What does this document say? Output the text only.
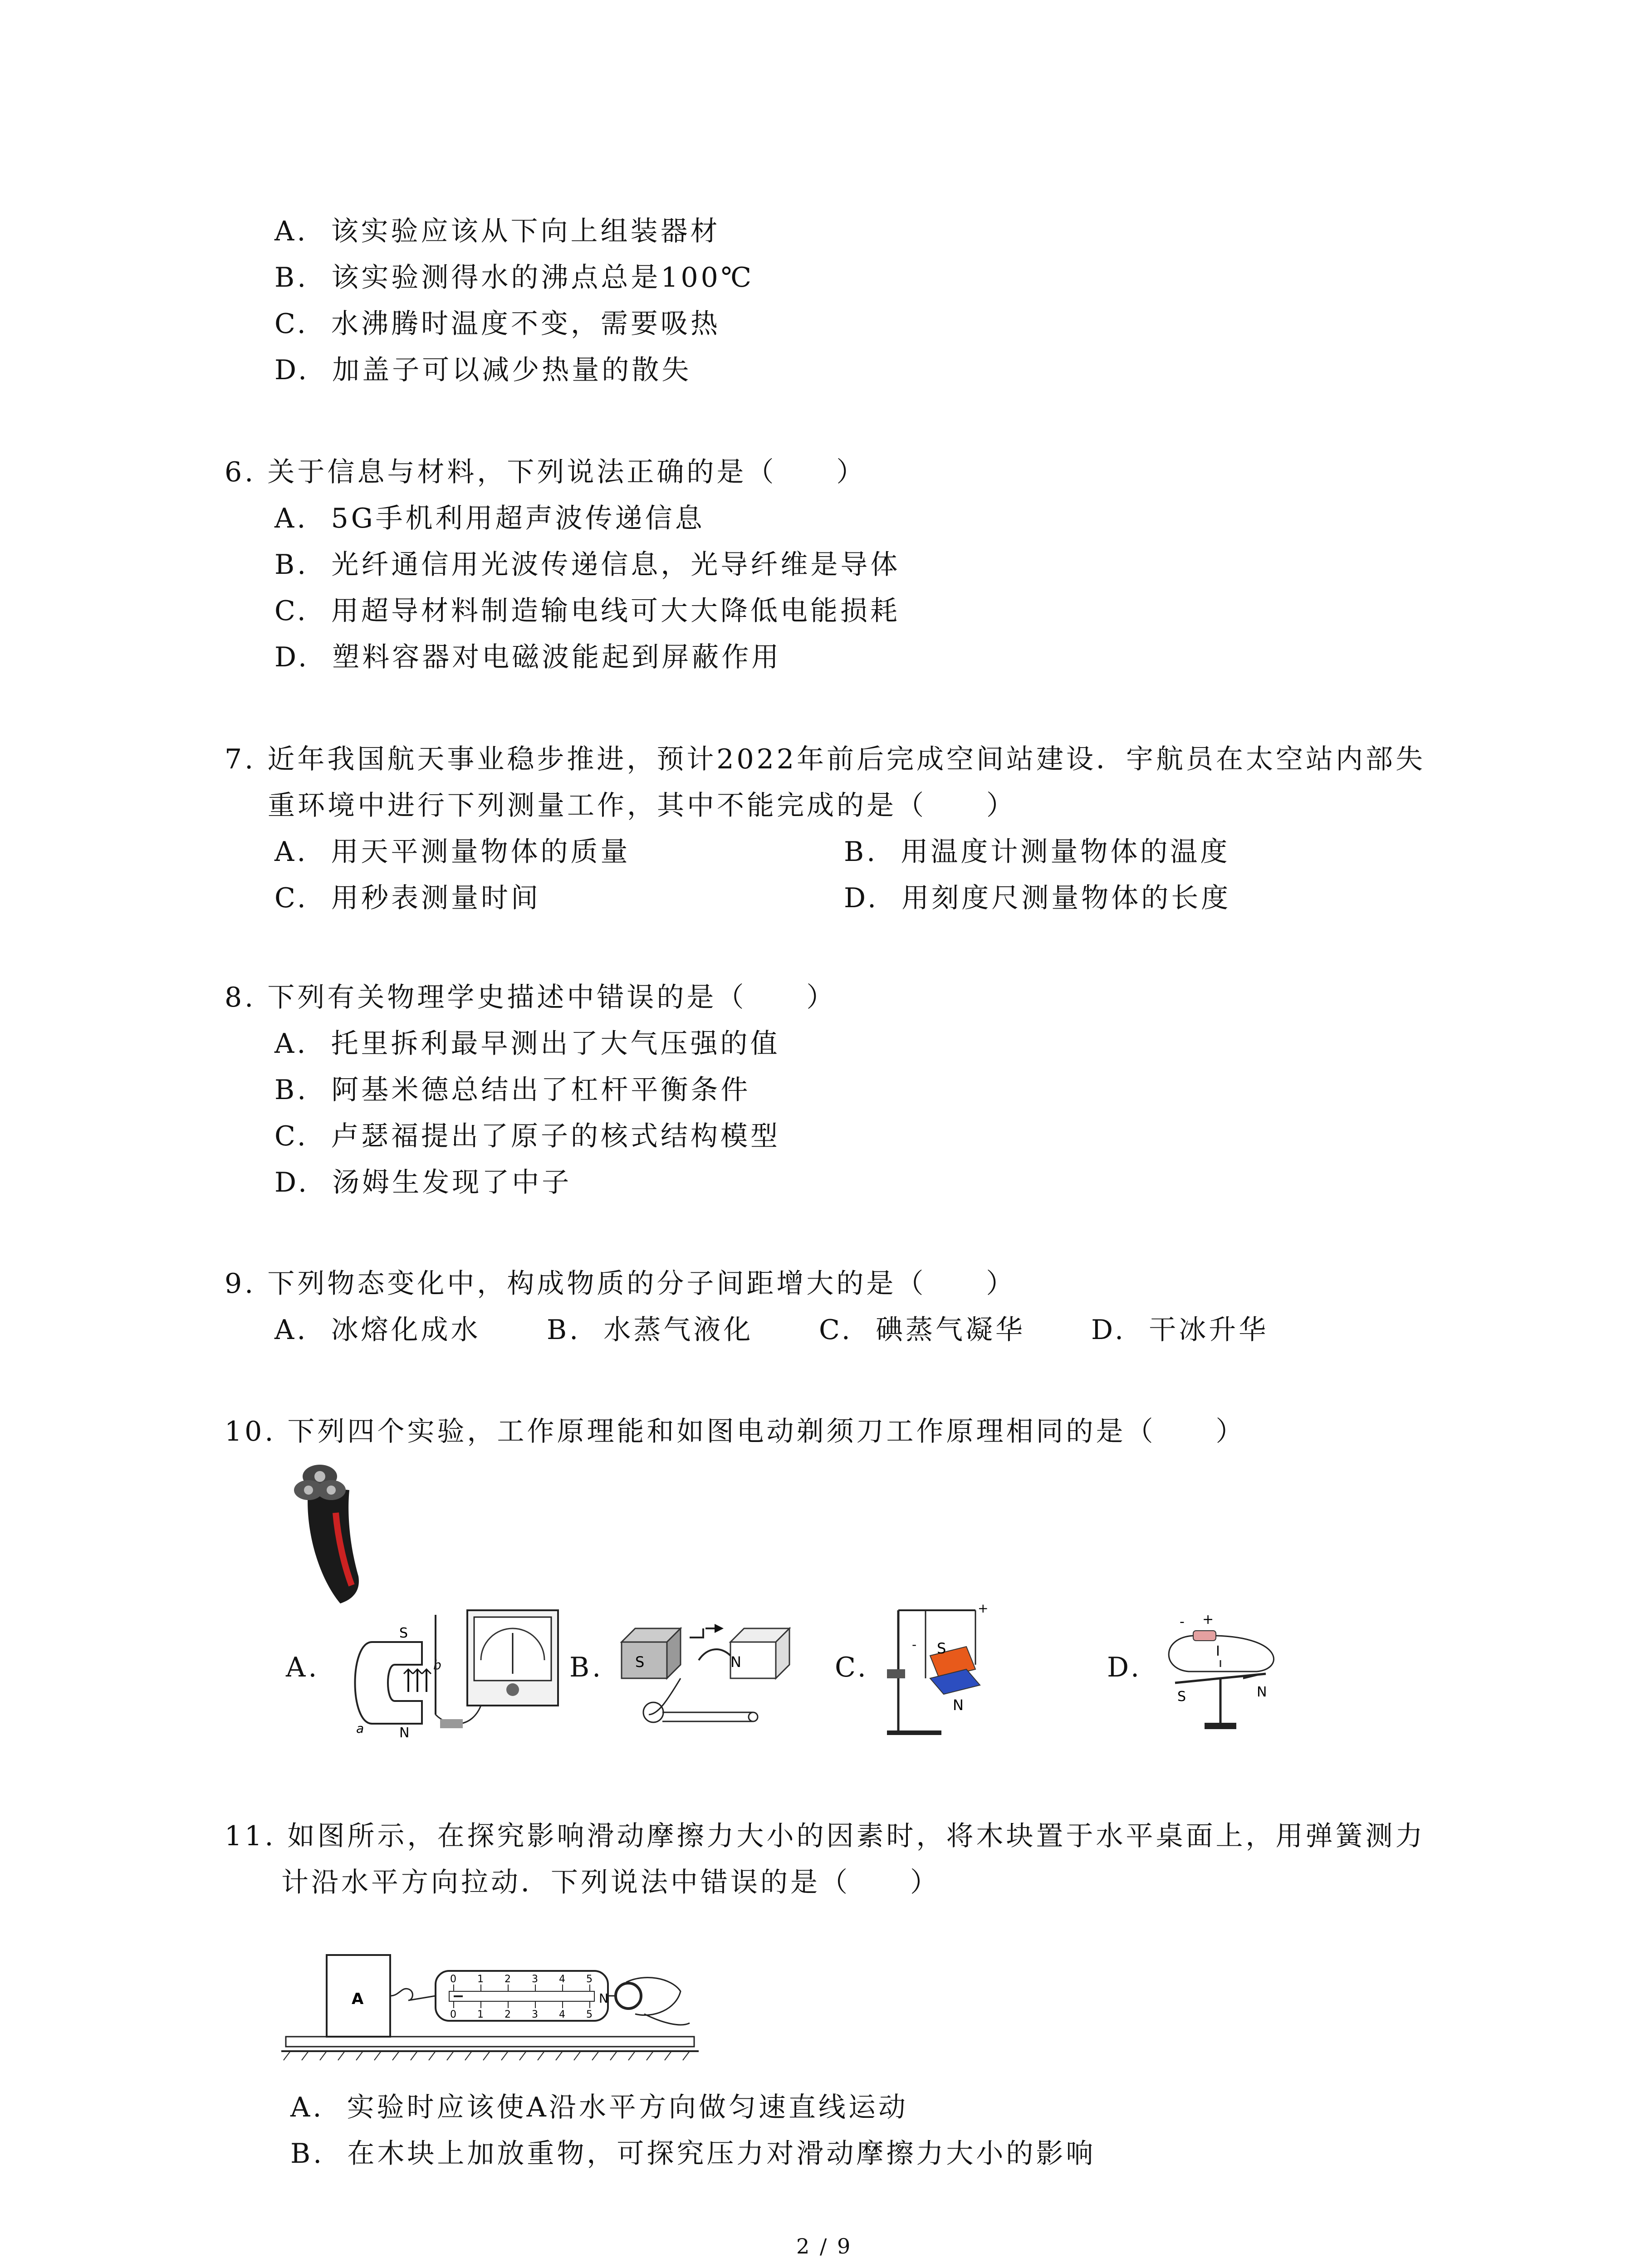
A. 该实验应该从下向上组装器材
B. 该实验测得水的沸点总是100℃
C. 水沸腾时温度不变，需要吸热
D. 加盖子可以减少热量的散失
6. 关于信息与材料，下列说法正确的是（　　）
A. 5G手机利用超声波传递信息
B. 光纤通信用光波传递信息，光导纤维是导体
C. 用超导材料制造输电线可大大降低电能损耗
D. 塑料容器对电磁波能起到屏蔽作用
7. 近年我国航天事业稳步推进，预计2022年前后完成空间站建设．宇航员在太空站内部失
重环境中进行下列测量工作，其中不能完成的是（　　）
A. 用天平测量物体的质量	B. 用温度计测量物体的温度
C. 用秒表测量时间	D. 用刻度尺测量物体的长度
8. 下列有关物理学史描述中错误的是（　　）
A. 托里拆利最早测出了大气压强的值
B. 阿基米德总结出了杠杆平衡条件
C. 卢瑟福提出了原子的核式结构模型
D. 汤姆生发现了中子
9. 下列物态变化中，构成物质的分子间距增大的是（　　）
A. 冰熔化成水 B. 水蒸气液化 C. 碘蒸气凝华 D. 干冰升华
10. 下列四个实验，工作原理能和如图电动剃须刀工作原理相同的是（　　）
A.
S
N
a
b	B. S	N	C.
+
S
N
-
D.
- +
I
S	N
11. 如图所示，在探究影响滑动摩擦力大小的因素时，将木块置于水平桌面上，用弹簧测力
计沿水平方向拉动．下列说法中错误的是（　　）
A
0 1 2 3 4 5
0 1 2 3 4 5
N
A. 实验时应该使A沿水平方向做匀速直线运动
B. 在木块上加放重物，可探究压力对滑动摩擦力大小的影响
2 / 9
